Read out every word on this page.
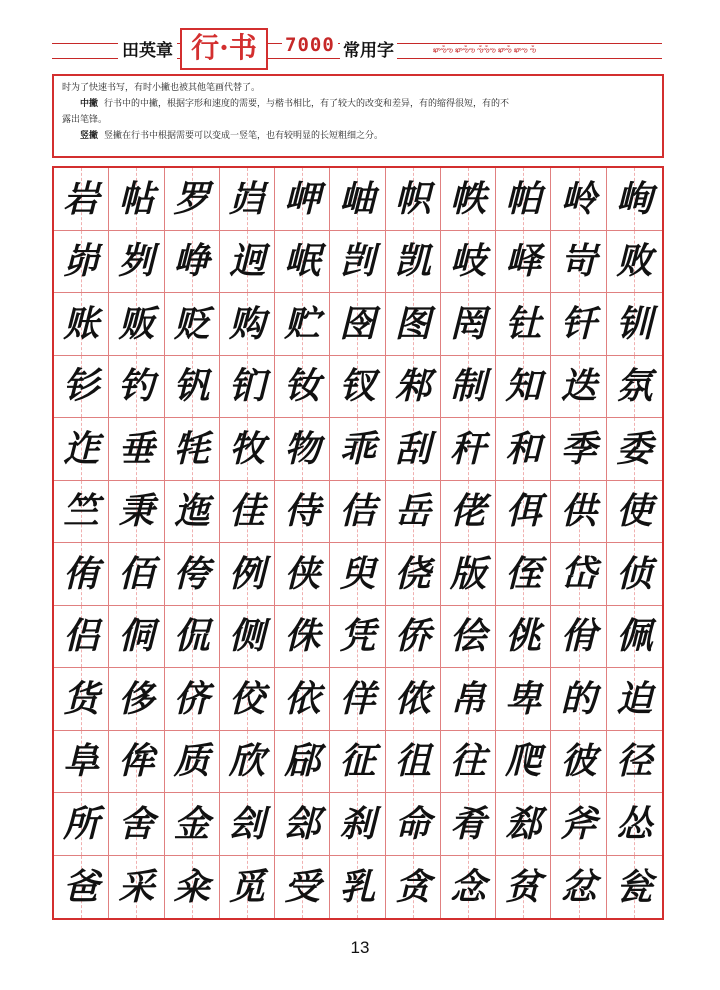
田英章 行·书	7000 常用字	ఖాఌఀఌ ఖాఌఀఌ ఌఀఌఀఌ ఖాఌఀ ఖాఌ ఌఀ

时为了快速书写，有时小撇也被其他笔画代替了。

中撇 行书中的中撇，根据字形和速度的需要，与楷书相比，有了较大的改变和差异，有的缩得很短，有的不

露出笔锋。

竖撇 竖撇在行书中根据需要可以变成一竖笔，也有较明显的长短粗细之分。

岩 帖 罗 岿 岬 岫 帜 帙 帕 岭 峋
峁 刿 峥 迥 岷 剀 凯 岐 峄 岢 败
账 贩 贬 购 贮 囹 图 罔 钍 钎 钏
钐 钓 钒 钔 钕 钗 邾 制 知 迭 氛
迮 垂 牦 牧 物 乖 刮 秆 和 季 委
竺 秉 迤 佳 侍 佶 岳 佬 佴 供 使
侑 佰 侉 例 侠 臾 侥 版 侄 岱 侦
侣 侗 侃 侧 侏 凭 侨 侩 佻 佾 佩
货 侈 侪 佼 依 佯 侬 帛 卑 的 迫
阜 侔 质 欣 郈 征 徂 往 爬 彼 径
所 舍 金 刽 郐 刹 命 肴 郄 斧 怂
爸 采 籴 觅 受 乳 贪 念 贫 忿 瓮
13
